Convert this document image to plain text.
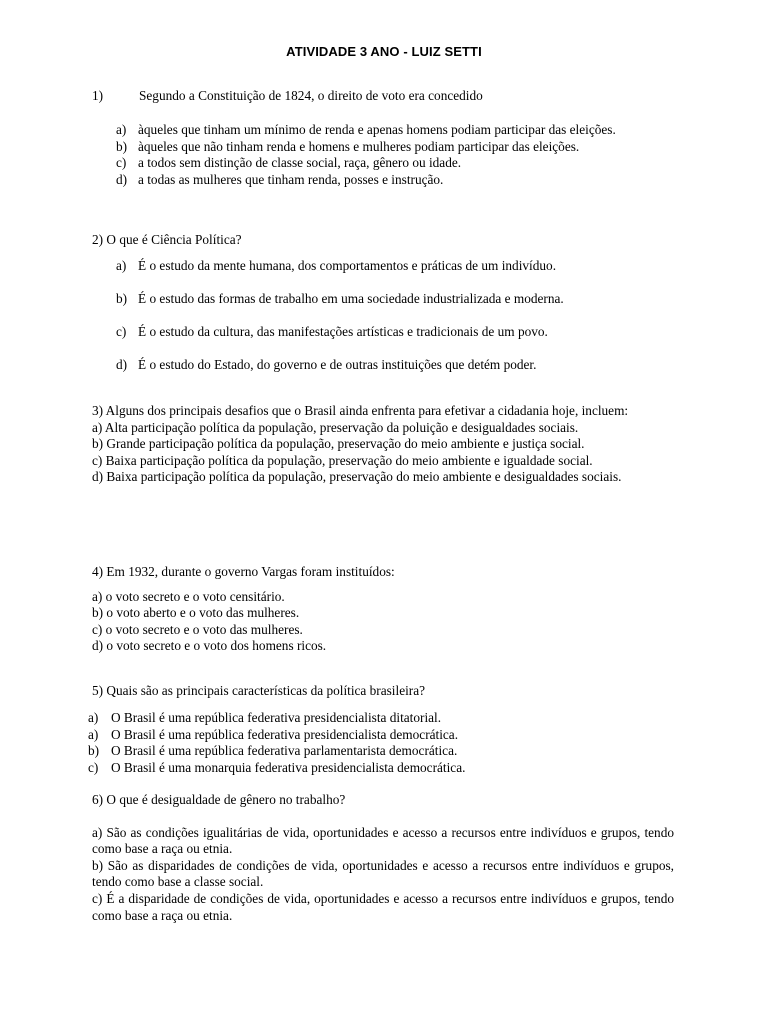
ATIVIDADE 3 ANO - LUIZ SETTI
1)	Segundo a Constituição de 1824, o direito de voto era concedido
a) àqueles que tinham um mínimo de renda e apenas homens podiam participar das eleições.
b) àqueles que não tinham renda e homens e mulheres podiam participar das eleições.
c) a todos sem distinção de classe social, raça, gênero ou idade.
d) a todas as mulheres que tinham renda, posses e instrução.
2) O que é Ciência Política?
a) É o estudo da mente humana, dos comportamentos e práticas de um indivíduo.
b) É o estudo das formas de trabalho em uma sociedade industrializada e moderna.
c) É o estudo da cultura, das manifestações artísticas e tradicionais de um povo.
d) É o estudo do Estado, do governo e de outras instituições que detém poder.
3) Alguns dos principais desafios que o Brasil ainda enfrenta para efetivar a cidadania hoje, incluem:
a) Alta participação política da população, preservação da poluição e desigualdades sociais.
b) Grande participação política da população, preservação do meio ambiente e justiça social.
c) Baixa participação política da população, preservação do meio ambiente e igualdade social.
d) Baixa participação política da população, preservação do meio ambiente e desigualdades sociais.
4) Em 1932, durante o governo Vargas foram instituídos:
a) o voto secreto e o voto censitário.
b) o voto aberto e o voto das mulheres.
c) o voto secreto e o voto das mulheres.
d) o voto secreto e o voto dos homens ricos.
5) Quais são as principais características da política brasileira?
a) O Brasil é uma república federativa presidencialista ditatorial.
a) O Brasil é uma república federativa presidencialista democrática.
b) O Brasil é uma república federativa parlamentarista democrática.
c) O Brasil é uma monarquia federativa presidencialista democrática.
6) O que é desigualdade de gênero no trabalho?
a) São as condições igualitárias de vida, oportunidades e acesso a recursos entre indivíduos e grupos, tendo como base a raça ou etnia.
b) São as disparidades de condições de vida, oportunidades e acesso a recursos entre indivíduos e grupos, tendo como base a classe social.
c) É a disparidade de condições de vida, oportunidades e acesso a recursos entre indivíduos e grupos, tendo como base a raça ou etnia.
